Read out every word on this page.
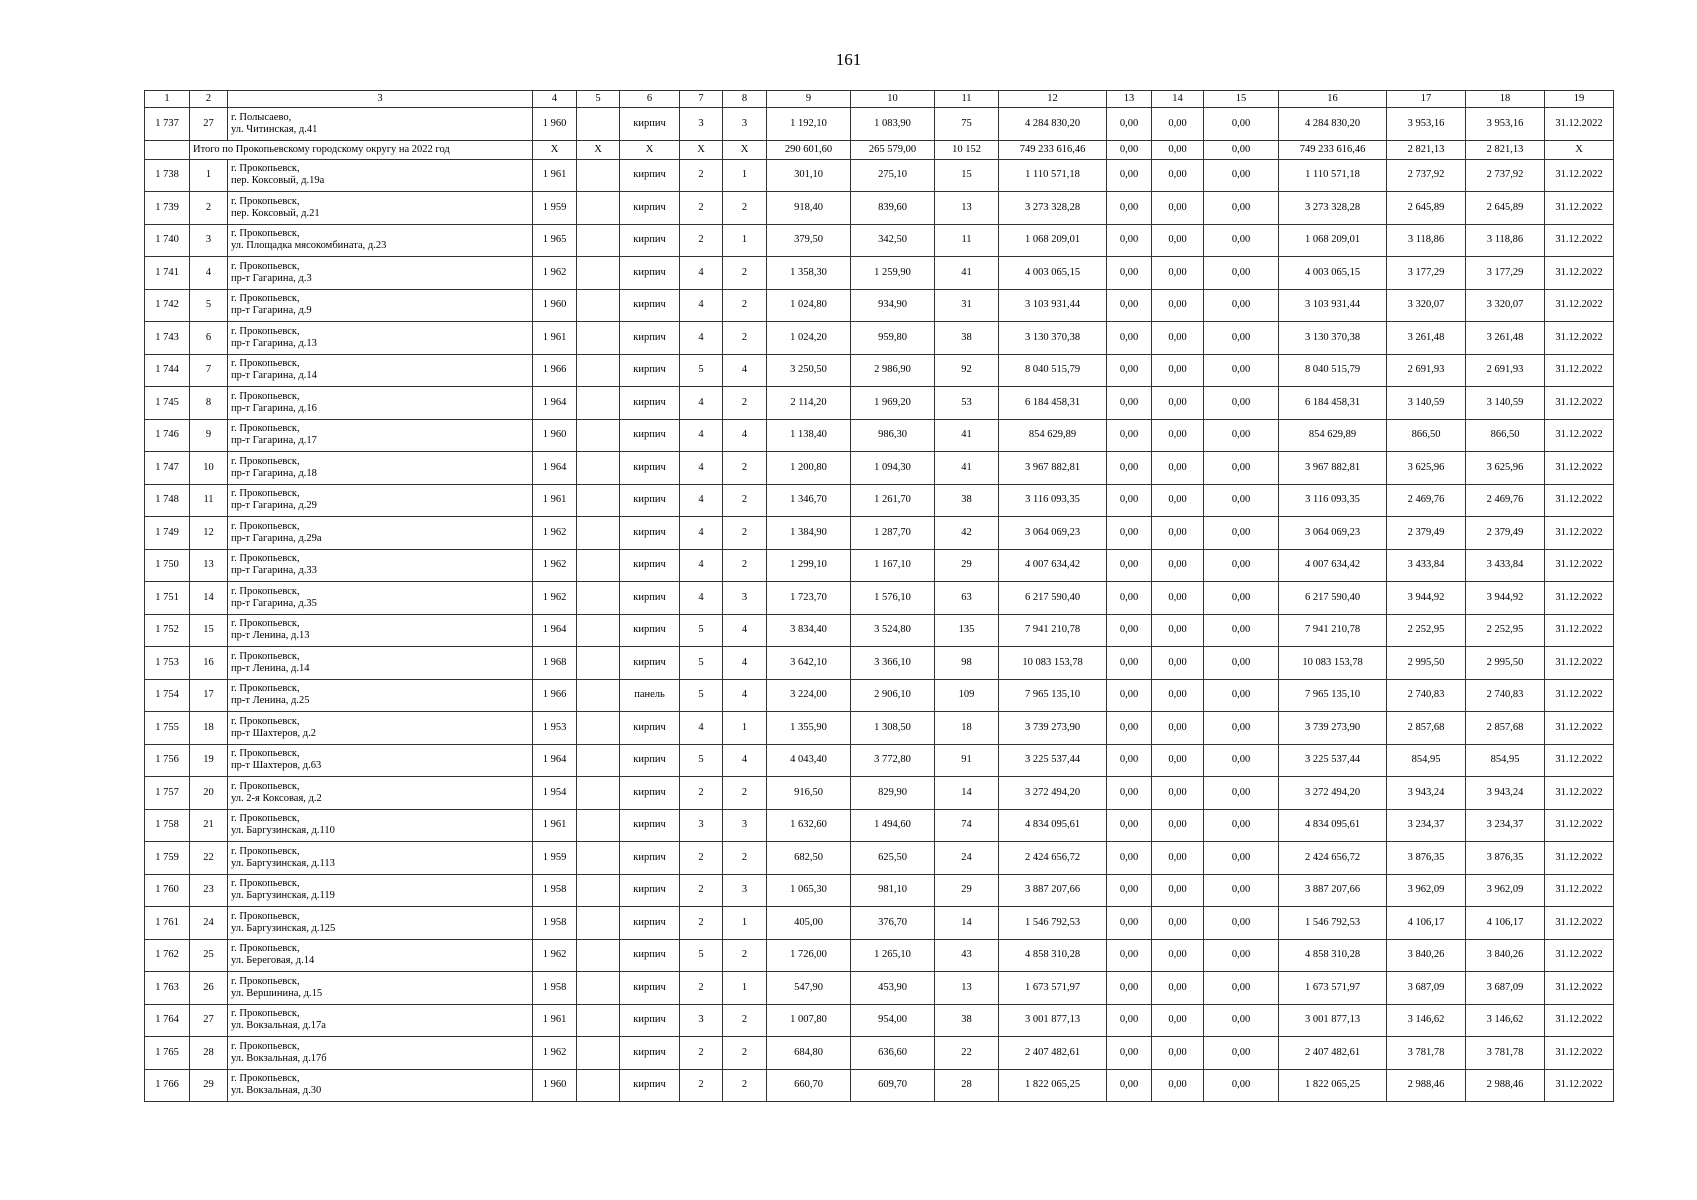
161
1	2	3	4	5	6	7	8	9	10	11	12	13	14	15	16	17	18	19
1 737	27	г. Полысаево,
ул. Читинская, д.41	1 960		кирпич	3	3	1 192,10	1 083,90	75	4 284 830,20	0,00	0,00	0,00	4 284 830,20	3 953,16	3 953,16	31.12.2022
	Итого по Прокопьевскому городскому округу на 2022 год		X	X	X	X	X	290 601,60	265 579,00	10 152	749 233 616,46	0,00	0,00	0,00	749 233 616,46	2 821,13	2 821,13	X
1 738	1	г. Прокопьевск,
пер. Коксовый, д.19а	1 961		кирпич	2	1	301,10	275,10	15	1 110 571,18	0,00	0,00	0,00	1 110 571,18	2 737,92	2 737,92	31.12.2022
1 739	2	г. Прокопьевск,
пер. Коксовый, д.21	1 959		кирпич	2	2	918,40	839,60	13	3 273 328,28	0,00	0,00	0,00	3 273 328,28	2 645,89	2 645,89	31.12.2022
1 740	3	г. Прокопьевск,
ул. Площадка мясокомбината, д.23	1 965		кирпич	2	1	379,50	342,50	11	1 068 209,01	0,00	0,00	0,00	1 068 209,01	3 118,86	3 118,86	31.12.2022
1 741	4	г. Прокопьевск,
пр-т Гагарина, д.3	1 962		кирпич	4	2	1 358,30	1 259,90	41	4 003 065,15	0,00	0,00	0,00	4 003 065,15	3 177,29	3 177,29	31.12.2022
1 742	5	г. Прокопьевск,
пр-т Гагарина, д.9	1 960		кирпич	4	2	1 024,80	934,90	31	3 103 931,44	0,00	0,00	0,00	3 103 931,44	3 320,07	3 320,07	31.12.2022
1 743	6	г. Прокопьевск,
пр-т Гагарина, д.13	1 961		кирпич	4	2	1 024,20	959,80	38	3 130 370,38	0,00	0,00	0,00	3 130 370,38	3 261,48	3 261,48	31.12.2022
1 744	7	г. Прокопьевск,
пр-т Гагарина, д.14	1 966		кирпич	5	4	3 250,50	2 986,90	92	8 040 515,79	0,00	0,00	0,00	8 040 515,79	2 691,93	2 691,93	31.12.2022
1 745	8	г. Прокопьевск,
пр-т Гагарина, д.16	1 964		кирпич	4	2	2 114,20	1 969,20	53	6 184 458,31	0,00	0,00	0,00	6 184 458,31	3 140,59	3 140,59	31.12.2022
1 746	9	г. Прокопьевск,
пр-т Гагарина, д.17	1 960		кирпич	4	4	1 138,40	986,30	41	854 629,89	0,00	0,00	0,00	854 629,89	866,50	866,50	31.12.2022
1 747	10	г. Прокопьевск,
пр-т Гагарина, д.18	1 964		кирпич	4	2	1 200,80	1 094,30	41	3 967 882,81	0,00	0,00	0,00	3 967 882,81	3 625,96	3 625,96	31.12.2022
1 748	11	г. Прокопьевск,
пр-т Гагарина, д.29	1 961		кирпич	4	2	1 346,70	1 261,70	38	3 116 093,35	0,00	0,00	0,00	3 116 093,35	2 469,76	2 469,76	31.12.2022
1 749	12	г. Прокопьевск,
пр-т Гагарина, д.29а	1 962		кирпич	4	2	1 384,90	1 287,70	42	3 064 069,23	0,00	0,00	0,00	3 064 069,23	2 379,49	2 379,49	31.12.2022
1 750	13	г. Прокопьевск,
пр-т Гагарина, д.33	1 962		кирпич	4	2	1 299,10	1 167,10	29	4 007 634,42	0,00	0,00	0,00	4 007 634,42	3 433,84	3 433,84	31.12.2022
1 751	14	г. Прокопьевск,
пр-т Гагарина, д.35	1 962		кирпич	4	3	1 723,70	1 576,10	63	6 217 590,40	0,00	0,00	0,00	6 217 590,40	3 944,92	3 944,92	31.12.2022
1 752	15	г. Прокопьевск,
пр-т Ленина, д.13	1 964		кирпич	5	4	3 834,40	3 524,80	135	7 941 210,78	0,00	0,00	0,00	7 941 210,78	2 252,95	2 252,95	31.12.2022
1 753	16	г. Прокопьевск,
пр-т Ленина, д.14	1 968		кирпич	5	4	3 642,10	3 366,10	98	10 083 153,78	0,00	0,00	0,00	10 083 153,78	2 995,50	2 995,50	31.12.2022
1 754	17	г. Прокопьевск,
пр-т Ленина, д.25	1 966		панель	5	4	3 224,00	2 906,10	109	7 965 135,10	0,00	0,00	0,00	7 965 135,10	2 740,83	2 740,83	31.12.2022
1 755	18	г. Прокопьевск,
пр-т Шахтеров, д.2	1 953		кирпич	4	1	1 355,90	1 308,50	18	3 739 273,90	0,00	0,00	0,00	3 739 273,90	2 857,68	2 857,68	31.12.2022
1 756	19	г. Прокопьевск,
пр-т Шахтеров, д.63	1 964		кирпич	5	4	4 043,40	3 772,80	91	3 225 537,44	0,00	0,00	0,00	3 225 537,44	854,95	854,95	31.12.2022
1 757	20	г. Прокопьевск,
ул. 2-я Коксовая, д.2	1 954		кирпич	2	2	916,50	829,90	14	3 272 494,20	0,00	0,00	0,00	3 272 494,20	3 943,24	3 943,24	31.12.2022
1 758	21	г. Прокопьевск,
ул. Баргузинская, д.110	1 961		кирпич	3	3	1 632,60	1 494,60	74	4 834 095,61	0,00	0,00	0,00	4 834 095,61	3 234,37	3 234,37	31.12.2022
1 759	22	г. Прокопьевск,
ул. Баргузинская, д.113	1 959		кирпич	2	2	682,50	625,50	24	2 424 656,72	0,00	0,00	0,00	2 424 656,72	3 876,35	3 876,35	31.12.2022
1 760	23	г. Прокопьевск,
ул. Баргузинская, д.119	1 958		кирпич	2	3	1 065,30	981,10	29	3 887 207,66	0,00	0,00	0,00	3 887 207,66	3 962,09	3 962,09	31.12.2022
1 761	24	г. Прокопьевск,
ул. Баргузинская, д.125	1 958		кирпич	2	1	405,00	376,70	14	1 546 792,53	0,00	0,00	0,00	1 546 792,53	4 106,17	4 106,17	31.12.2022
1 762	25	г. Прокопьевск,
ул. Береговая, д.14	1 962		кирпич	5	2	1 726,00	1 265,10	43	4 858 310,28	0,00	0,00	0,00	4 858 310,28	3 840,26	3 840,26	31.12.2022
1 763	26	г. Прокопьевск,
ул. Вершинина, д.15	1 958		кирпич	2	1	547,90	453,90	13	1 673 571,97	0,00	0,00	0,00	1 673 571,97	3 687,09	3 687,09	31.12.2022
1 764	27	г. Прокопьевск,
ул. Вокзальная, д.17а	1 961		кирпич	3	2	1 007,80	954,00	38	3 001 877,13	0,00	0,00	0,00	3 001 877,13	3 146,62	3 146,62	31.12.2022
1 765	28	г. Прокопьевск,
ул. Вокзальная, д.17б	1 962		кирпич	2	2	684,80	636,60	22	2 407 482,61	0,00	0,00	0,00	2 407 482,61	3 781,78	3 781,78	31.12.2022
1 766	29	г. Прокопьевск,
ул. Вокзальная, д.30	1 960		кирпич	2	2	660,70	609,70	28	1 822 065,25	0,00	0,00	0,00	1 822 065,25	2 988,46	2 988,46	31.12.2022
